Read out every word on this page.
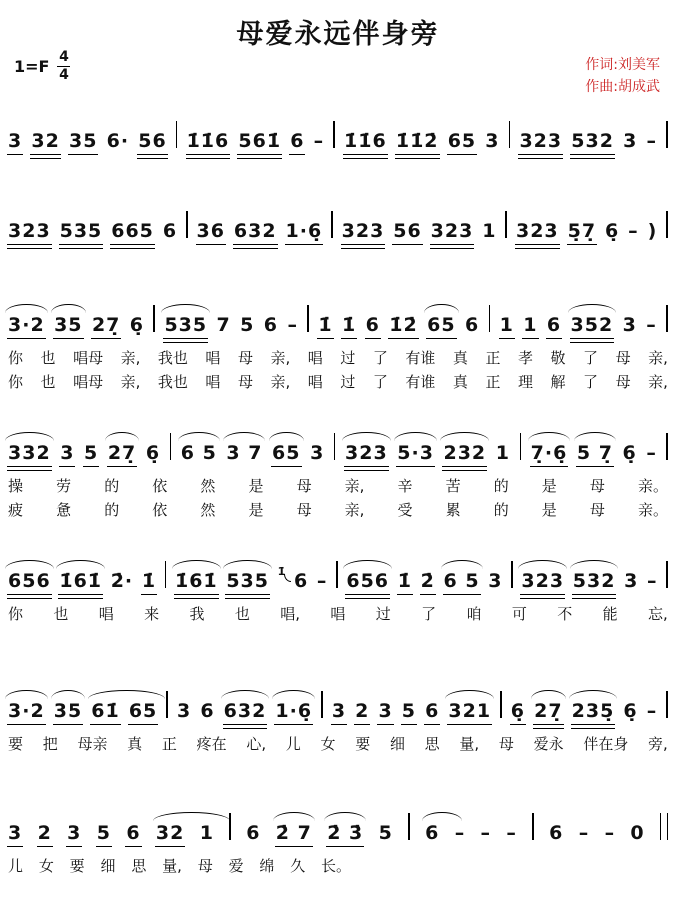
母爱永远伴身旁
1=F 4
4
作词:刘美军
作曲:胡成武
3 32 35 6· 56 1̇1̇6 561̇ 6 – 1̇1̇6 1̇1̇2̇ 65 3 323 532 3 –
323 535 665 6 36 632 1·6̣ 323 56 323 1 323 5̣7̣ 6̣ – )
3·2 35 27̣ 6̣ 535 7 5 6 – 1̇ 1̇ 6 1̇2̇ 65 6 1 1 6 352 3 –
你 也 唱母 亲, 我也 唱 母 亲, 唱 过 了 有谁 真 正 孝 敬 了 母 亲,
你 也 唱母 亲, 我也 唱 母 亲, 唱 过 了 有谁 真 正 理 解 了 母 亲,
332 3 5 27̣ 6̣ 6 5 3 7 65 3 323 5·3 232 1 7̣·6̣ 5 7̣ 6̣ –
操 劳 的 依 然 是 母 亲, 辛 苦 的 是 母 亲。
疲 惫 的 依 然 是 母 亲, 受 累 的 是 母 亲。
656 1̇61̇ 2̇· 1̇ 1̇61̇ 535 1̇ 6 – 656 1̇ 2̇ 6 5 3 323 532 3 –
你 也 唱 来 我 也 唱, 唱 过 了 咱 可 不 能 忘,
3·2 35 61̇ 65 3 6 632 1·6̣ 3 2 3 5 6 321 6̣ 27̣ 235̣ 6̣ –
要 把 母亲 真 正 疼在 心, 儿 女 要 细 思 量, 母 爱永 伴在身 旁,
3 2 3 5 6 32 1 6 2̇ 7 2̇ 3̇ 5 6 – – – 6 – – 0
儿 女 要 细 思 量, 母 爱 绵 久 长。
